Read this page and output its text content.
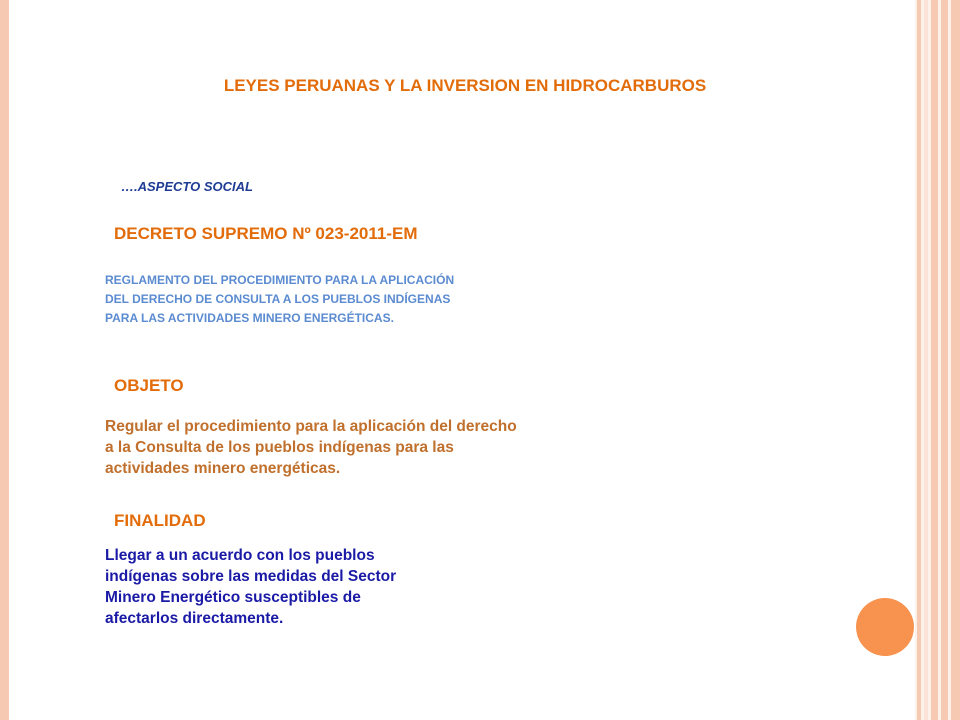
LEYES PERUANAS Y LA INVERSION EN HIDROCARBUROS
….ASPECTO SOCIAL
DECRETO SUPREMO Nº 023-2011-EM
REGLAMENTO DEL PROCEDIMIENTO PARA LA APLICACIÓN
DEL DERECHO DE CONSULTA A LOS PUEBLOS INDÍGENAS
PARA LAS ACTIVIDADES MINERO ENERGÉTICAS.
OBJETO
Regular el procedimiento para la aplicación del derecho
a la Consulta de los pueblos indígenas para las
actividades minero energéticas.
FINALIDAD
Llegar a un acuerdo con los pueblos
indígenas sobre las medidas del Sector
Minero Energético susceptibles de
afectarlos directamente.
